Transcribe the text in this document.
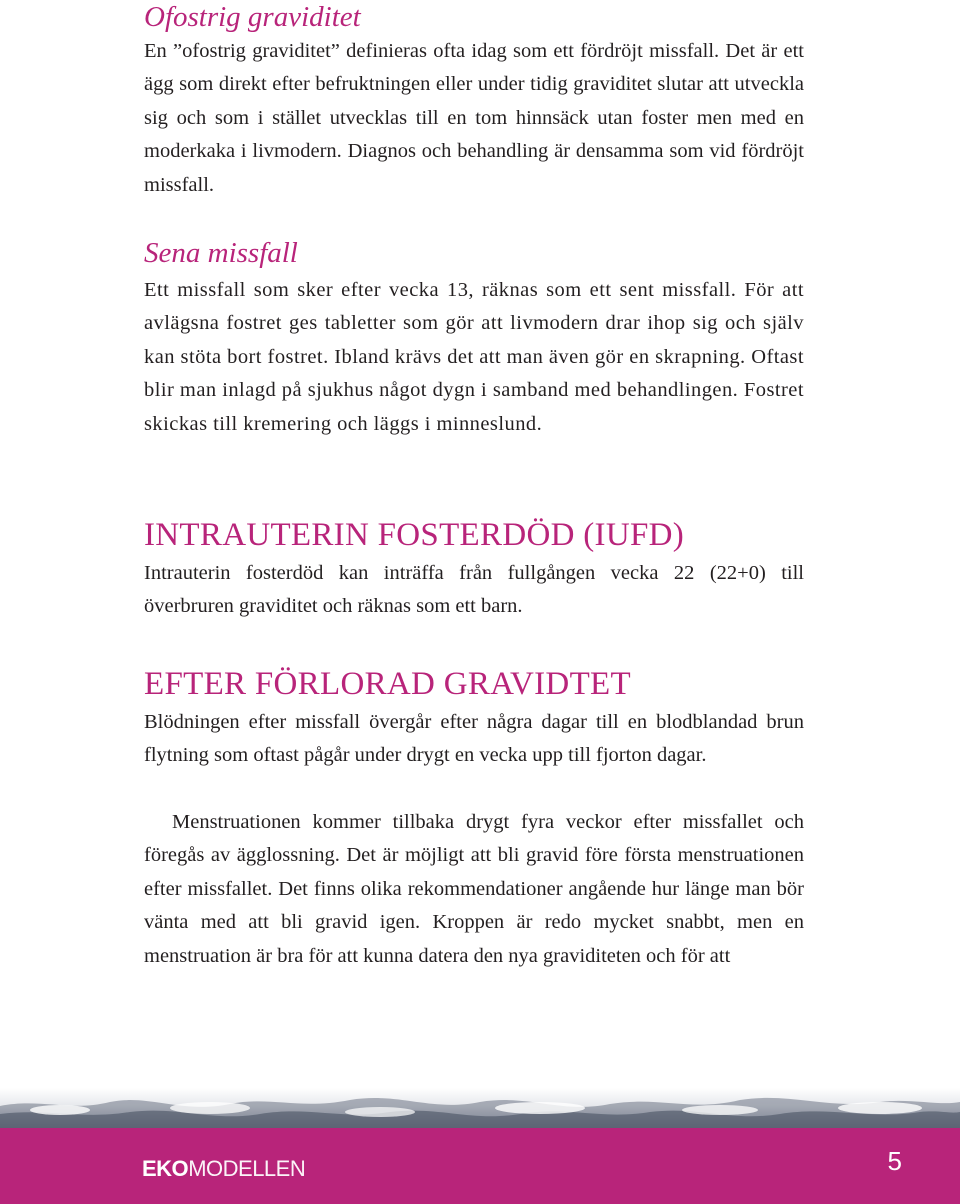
Ofostrig graviditet

En ”ofostrig graviditet” definieras ofta idag som ett fördröjt missfall. Det är ett ägg som direkt efter befruktningen eller under tidig graviditet slutar att utveckla sig och som i stället utvecklas till en tom hinnsäck utan foster men med en moderkaka i livmodern. Diagnos och behandling är densamma som vid fördröjt missfall.

Sena missfall

Ett missfall som sker efter vecka 13, räknas som ett sent missfall. För att avlägsna fostret ges tabletter som gör att livmodern drar ihop sig och själv kan stöta bort fostret. Ibland krävs det att man även gör en skrapning. Oftast blir man inlagd på sjukhus något dygn i samband med behandlingen. Fostret skickas till kremering och läggs i minneslund.

INTRAUTERIN FOSTERDÖD (IUFD)

Intrauterin fosterdöd kan inträffa från fullgången vecka 22 (22+0) till överbruren graviditet och räknas som ett barn.

EFTER FÖRLORAD GRAVIDTET

Blödningen efter missfall övergår efter några dagar till en blodblandad brun flytning som oftast pågår under drygt en vecka upp till fjorton dagar.

Menstruationen kommer tillbaka drygt fyra veckor efter missfallet och föregås av ägglossning. Det är möjligt att bli gravid före första menstruationen efter missfallet. Det finns olika rekommendationer angående hur länge man bör vänta med att bli gravid igen. Kroppen är redo mycket snabbt, men en menstruation är bra för att kunna datera den nya graviditeten och för att

EKOMODELLEN	5
